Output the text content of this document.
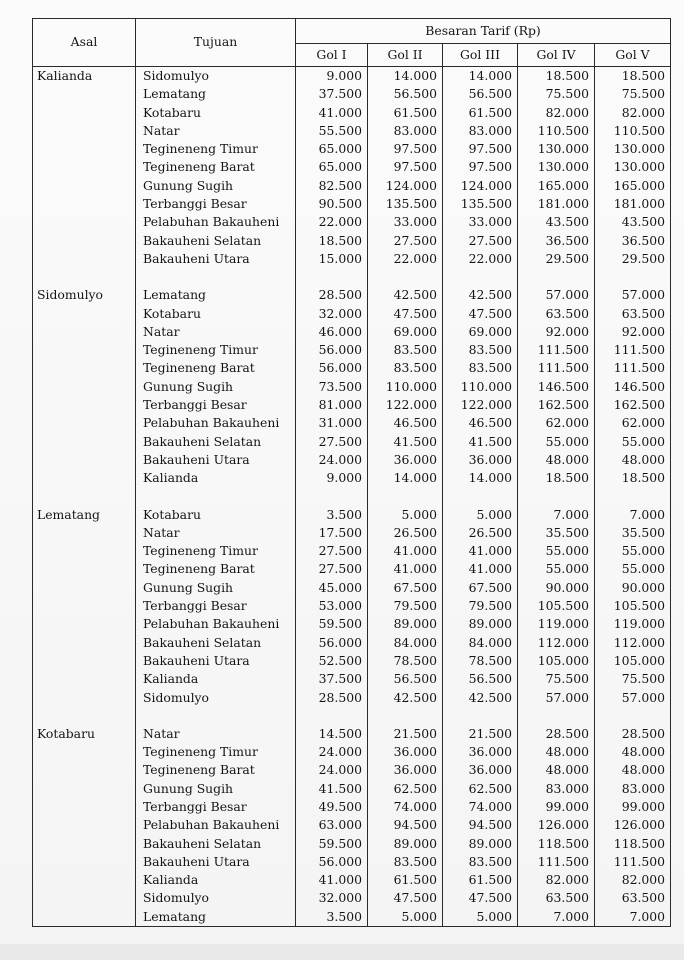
Asal	Tujuan	Besaran Tarif (Rp)				
		Gol I	Gol II	Gol III	Gol IV	Gol V
Kalianda	Sidomulyo	9.000	14.000	14.000	18.500	18.500
	Lematang	37.500	56.500	56.500	75.500	75.500
	Kotabaru	41.000	61.500	61.500	82.000	82.000
	Natar	55.500	83.000	83.000	110.500	110.500
	Tegineneng Timur	65.000	97.500	97.500	130.000	130.000
	Tegineneng Barat	65.000	97.500	97.500	130.000	130.000
	Gunung Sugih	82.500	124.000	124.000	165.000	165.000
	Terbanggi Besar	90.500	135.500	135.500	181.000	181.000
	Pelabuhan Bakauheni	22.000	33.000	33.000	43.500	43.500
	Bakauheni Selatan	18.500	27.500	27.500	36.500	36.500
	Bakauheni Utara	15.000	22.000	22.000	29.500	29.500

Sidomulyo	Lematang	28.500	42.500	42.500	57.000	57.000
	Kotabaru	32.000	47.500	47.500	63.500	63.500
	Natar	46.000	69.000	69.000	92.000	92.000
	Tegineneng Timur	56.000	83.500	83.500	111.500	111.500
	Tegineneng Barat	56.000	83.500	83.500	111.500	111.500
	Gunung Sugih	73.500	110.000	110.000	146.500	146.500
	Terbanggi Besar	81.000	122.000	122.000	162.500	162.500
	Pelabuhan Bakauheni	31.000	46.500	46.500	62.000	62.000
	Bakauheni Selatan	27.500	41.500	41.500	55.000	55.000
	Bakauheni Utara	24.000	36.000	36.000	48.000	48.000
	Kalianda	9.000	14.000	14.000	18.500	18.500

Lematang	Kotabaru	3.500	5.000	5.000	7.000	7.000
	Natar	17.500	26.500	26.500	35.500	35.500
	Tegineneng Timur	27.500	41.000	41.000	55.000	55.000
	Tegineneng Barat	27.500	41.000	41.000	55.000	55.000
	Gunung Sugih	45.000	67.500	67.500	90.000	90.000
	Terbanggi Besar	53.000	79.500	79.500	105.500	105.500
	Pelabuhan Bakauheni	59.500	89.000	89.000	119.000	119.000
	Bakauheni Selatan	56.000	84.000	84.000	112.000	112.000
	Bakauheni Utara	52.500	78.500	78.500	105.000	105.000
	Kalianda	37.500	56.500	56.500	75.500	75.500
	Sidomulyo	28.500	42.500	42.500	57.000	57.000

Kotabaru	Natar	14.500	21.500	21.500	28.500	28.500
	Tegineneng Timur	24.000	36.000	36.000	48.000	48.000
	Tegineneng Barat	24.000	36.000	36.000	48.000	48.000
	Gunung Sugih	41.500	62.500	62.500	83.000	83.000
	Terbanggi Besar	49.500	74.000	74.000	99.000	99.000
	Pelabuhan Bakauheni	63.000	94.500	94.500	126.000	126.000
	Bakauheni Selatan	59.500	89.000	89.000	118.500	118.500
	Bakauheni Utara	56.000	83.500	83.500	111.500	111.500
	Kalianda	41.000	61.500	61.500	82.000	82.000
	Sidomulyo	32.000	47.500	47.500	63.500	63.500
	Lematang	3.500	5.000	5.000	7.000	7.000
